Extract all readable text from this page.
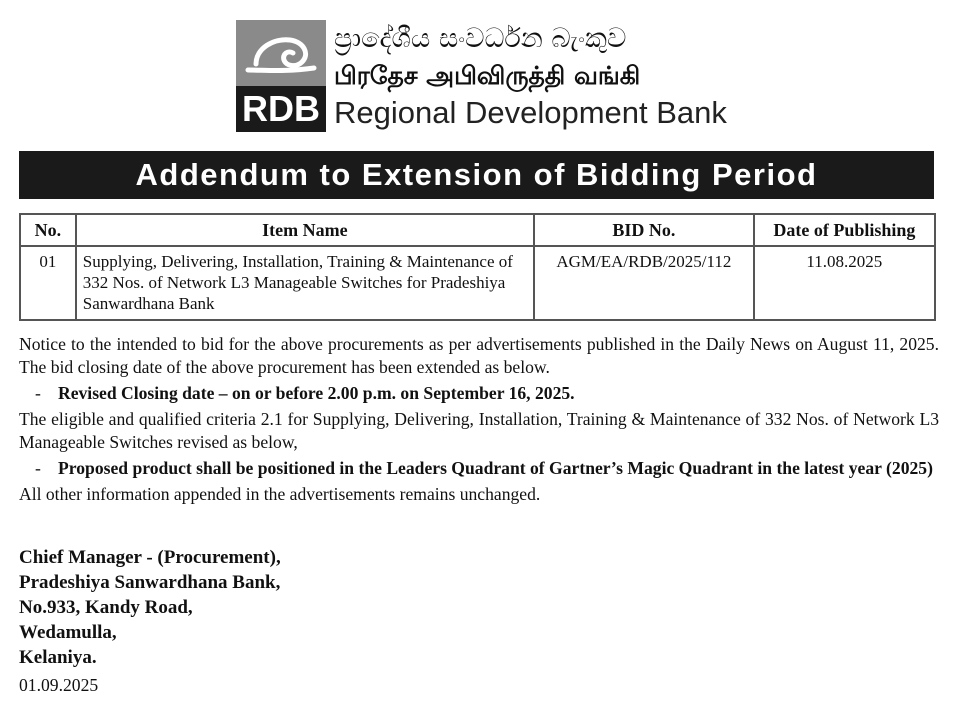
RDB
ප්‍රාදේශීය සංවර්ධන බැංකුව
பிரதேச அபிவிருத்தி வங்கி
Regional Development Bank
Addendum to Extension of Bidding Period
No.	Item Name	BID No.	Date of Publishing
01	Supplying, Delivering, Installation, Training & Maintenance of 332 Nos. of Network L3 Manageable Switches for Pradeshiya Sanwardhana Bank	AGM/EA/RDB/2025/112	11.08.2025

Notice to the intended to bid for the above procurements as per advertisements published in the Daily News on August 11, 2025. The bid closing date of the above procurement has been extended as below.

- Revised Closing date – on or before 2.00 p.m. on September 16, 2025.

The eligible and qualified criteria 2.1 for Supplying, Delivering, Installation, Training & Maintenance of 332 Nos. of Network L3 Manageable Switches revised as below,

- Proposed product shall be positioned in the Leaders Quadrant of Gartner’s Magic Quadrant in the latest year (2025)

All other information appended in the advertisements remains unchanged.

Chief Manager - (Procurement),
Pradeshiya Sanwardhana Bank,
No.933, Kandy Road,
Wedamulla,
Kelaniya.
01.09.2025
